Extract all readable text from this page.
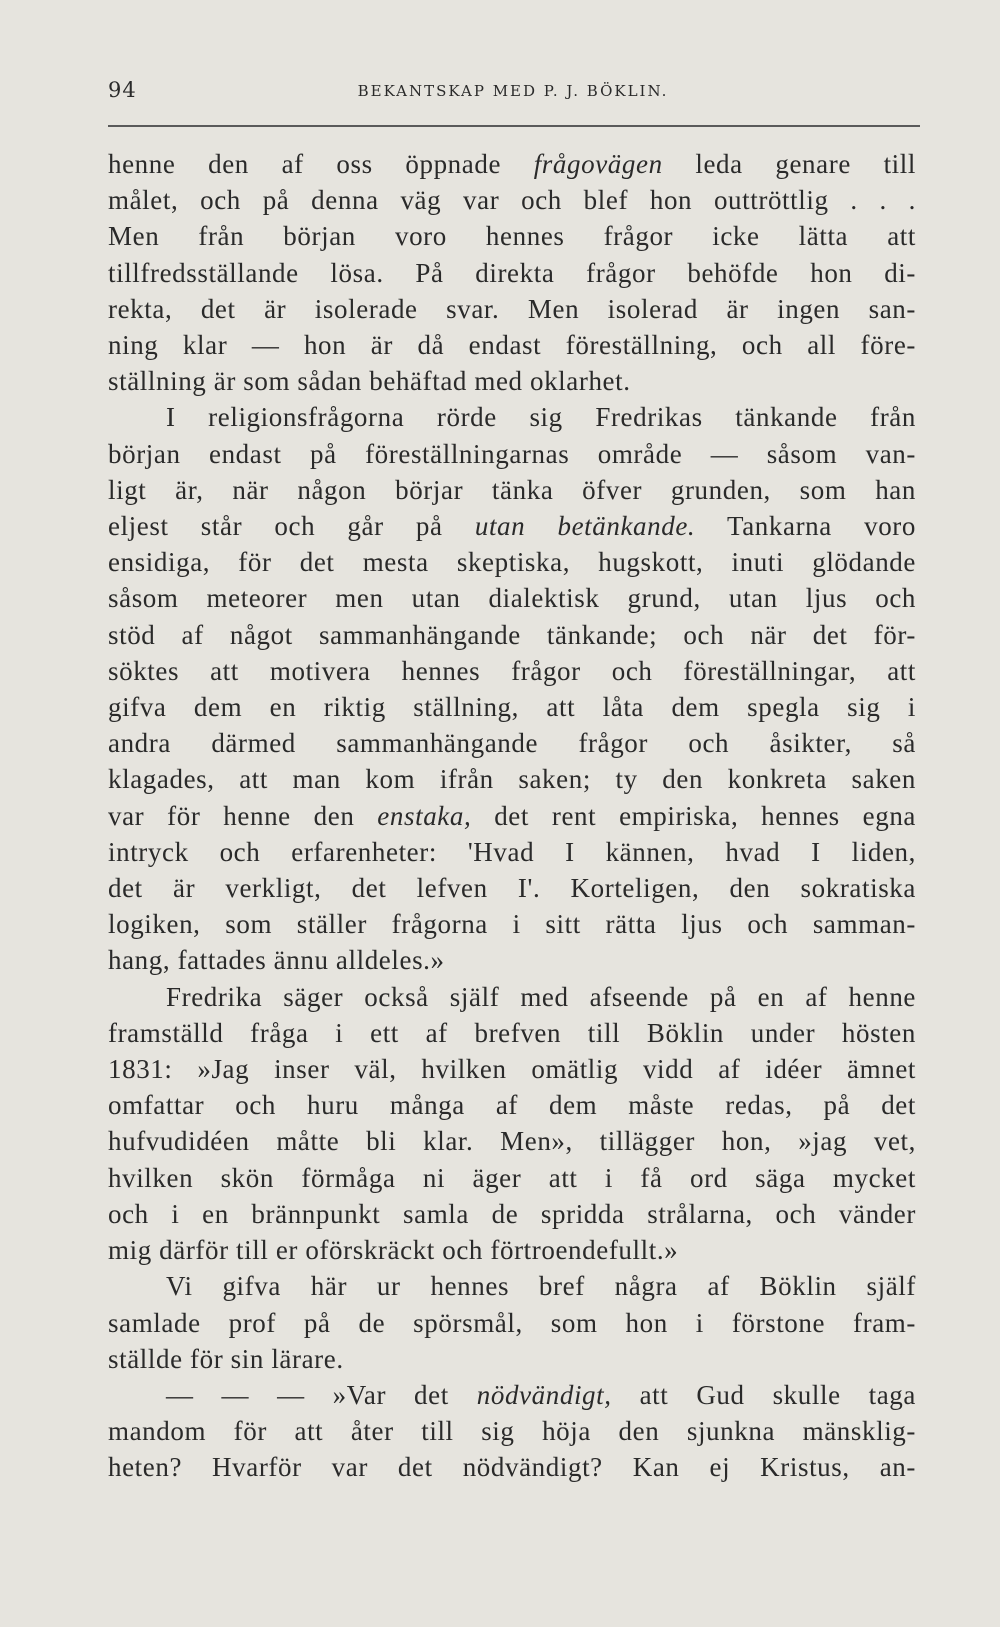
94	BEKANTSKAP MED P. J. BÖKLIN.

henne den af oss öppnade frågovägen leda genare till

målet, och på denna väg var och blef hon outtröttlig . . .

Men från början voro hennes frågor icke lätta att

tillfredsställande lösa. På direkta frågor behöfde hon di-

rekta, det är isolerade svar. Men isolerad är ingen san-

ning klar — hon är då endast föreställning, och all före-

ställning är som sådan behäftad med oklarhet.

I religionsfrågorna rörde sig Fredrikas tänkande från

början endast på föreställningarnas område — såsom van-

ligt är, när någon börjar tänka öfver grunden, som han

eljest står och går på utan betänkande. Tankarna voro

ensidiga, för det mesta skeptiska, hugskott, inuti glödande

såsom meteorer men utan dialektisk grund, utan ljus och

stöd af något sammanhängande tänkande; och när det för-

söktes att motivera hennes frågor och föreställningar, att

gifva dem en riktig ställning, att låta dem spegla sig i

andra därmed sammanhängande frågor och åsikter, så

klagades, att man kom ifrån saken; ty den konkreta saken

var för henne den enstaka, det rent empiriska, hennes egna

intryck och erfarenheter: 'Hvad I kännen, hvad I liden,

det är verkligt, det lefven I'. Korteligen, den sokratiska

logiken, som ställer frågorna i sitt rätta ljus och samman-

hang, fattades ännu alldeles.»

Fredrika säger också själf med afseende på en af henne

framställd fråga i ett af brefven till Böklin under hösten

1831: »Jag inser väl, hvilken omätlig vidd af idéer ämnet

omfattar och huru många af dem måste redas, på det

hufvudidéen måtte bli klar. Men», tillägger hon, »jag vet,

hvilken skön förmåga ni äger att i få ord säga mycket

och i en brännpunkt samla de spridda strålarna, och vänder

mig därför till er oförskräckt och förtroendefullt.»

Vi gifva här ur hennes bref några af Böklin själf

samlade prof på de spörsmål, som hon i förstone fram-

ställde för sin lärare.

— — — »Var det nödvändigt, att Gud skulle taga

mandom för att åter till sig höja den sjunkna mänsklig-

heten? Hvarför var det nödvändigt? Kan ej Kristus, an-
